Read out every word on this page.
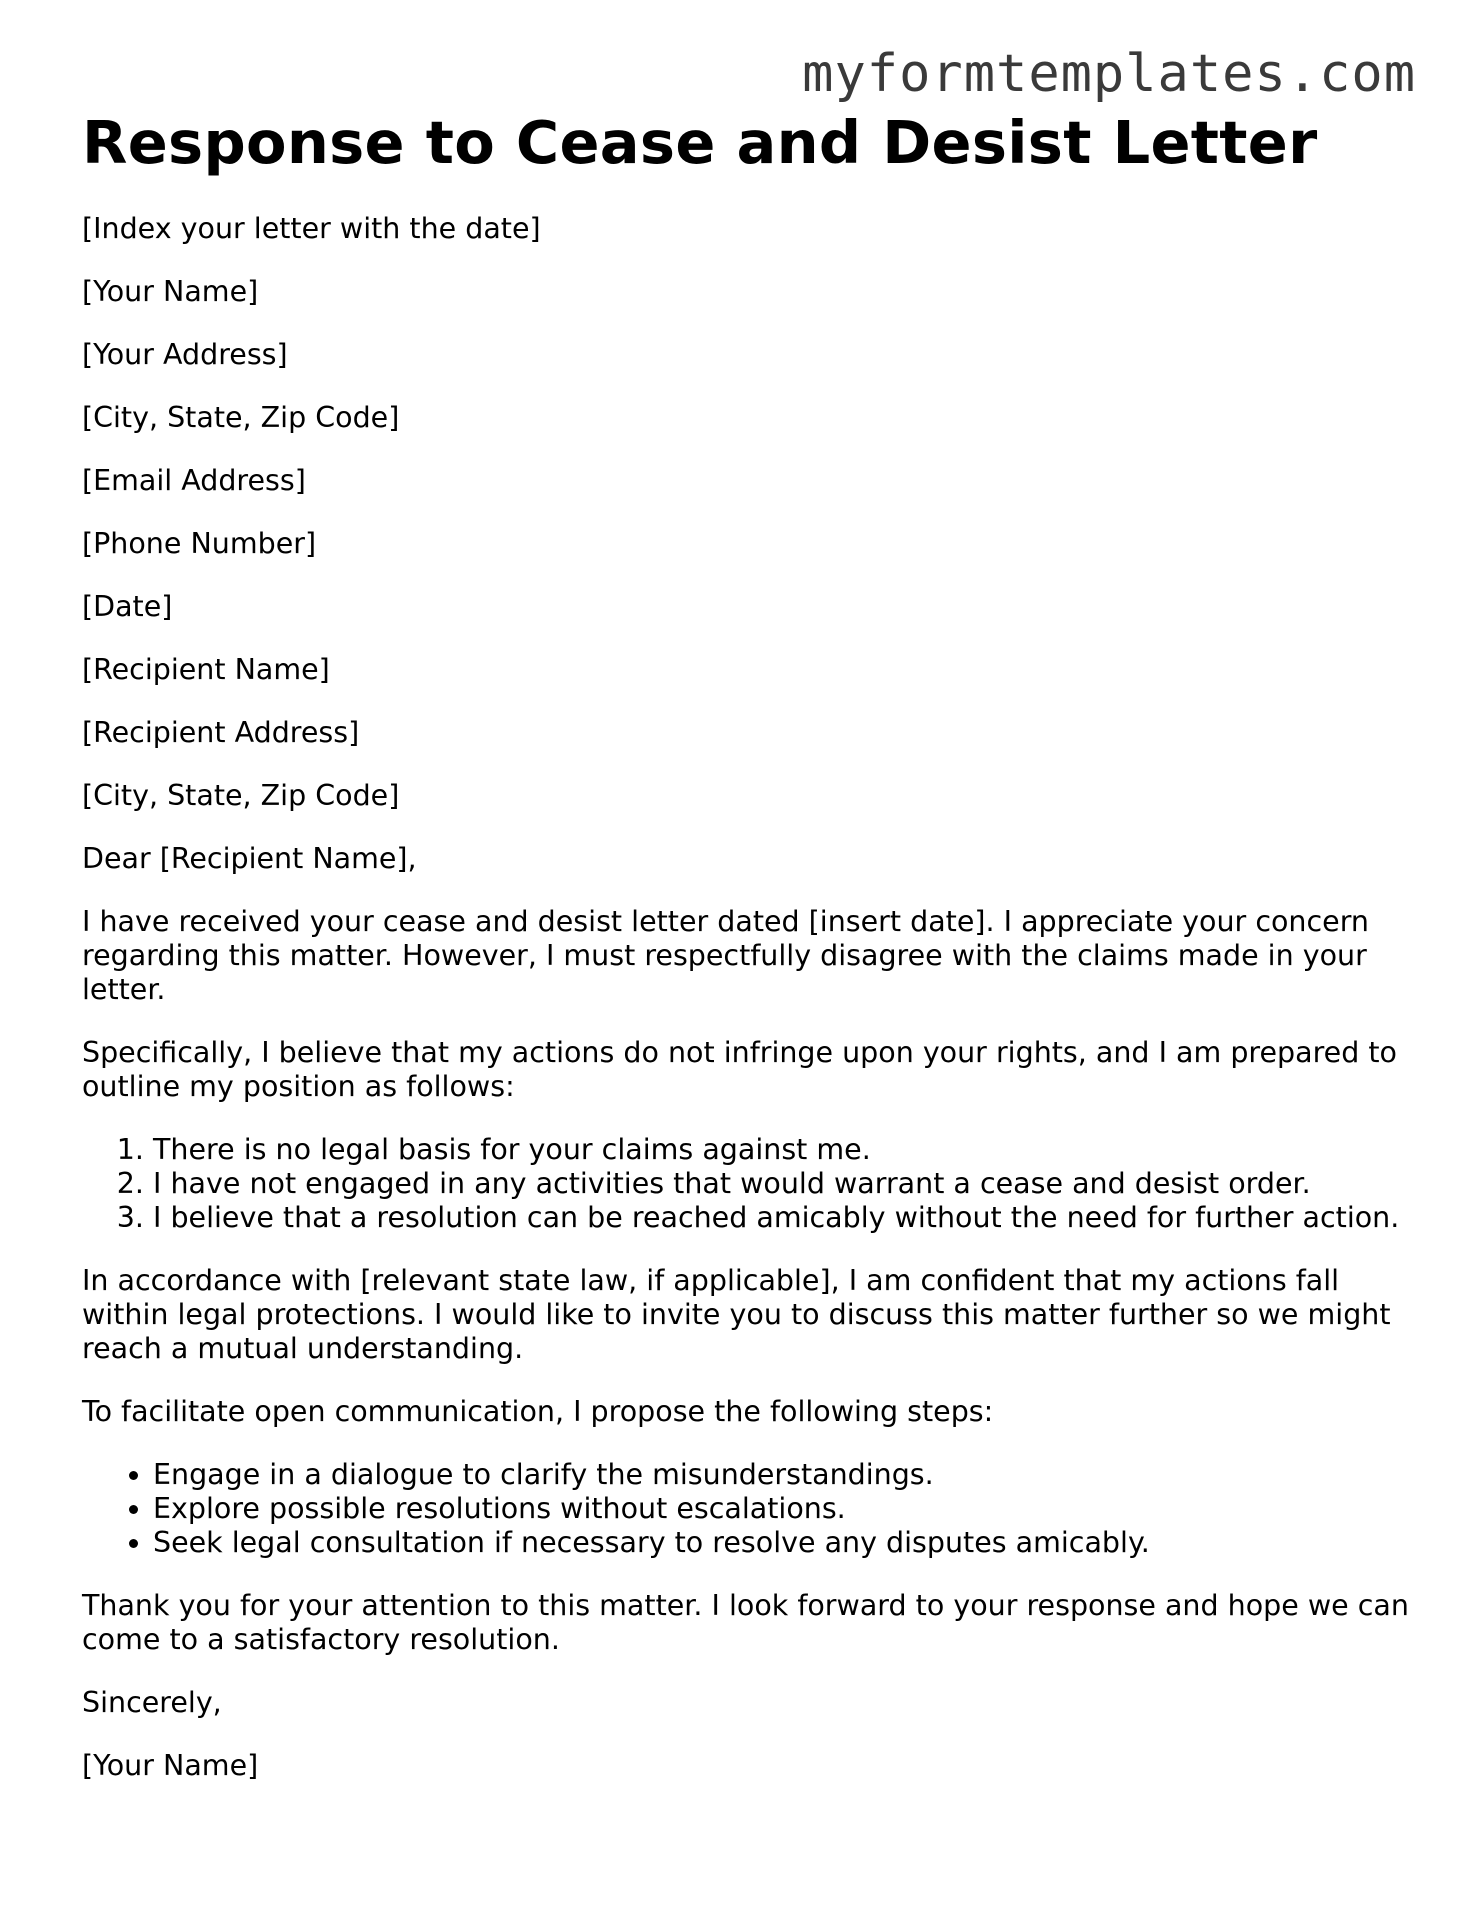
myformtemplates.com
Response to Cease and Desist Letter

[Index your letter with the date]

[Your Name]

[Your Address]

[City, State, Zip Code]

[Email Address]

[Phone Number]

[Date]

[Recipient Name]

[Recipient Address]

[City, State, Zip Code]

Dear [Recipient Name],

I have received your cease and desist letter dated [insert date]. I appreciate your concern regarding this matter. However, I must respectfully disagree with the claims made in your letter.

Specifically, I believe that my actions do not infringe upon your rights, and I am prepared to outline my position as follows:

1. There is no legal basis for your claims against me.
2. I have not engaged in any activities that would warrant a cease and desist order.
3. I believe that a resolution can be reached amicably without the need for further action.

In accordance with [relevant state law, if applicable], I am confident that my actions fall within legal protections. I would like to invite you to discuss this matter further so we might reach a mutual understanding.

To facilitate open communication, I propose the following steps:

• Engage in a dialogue to clarify the misunderstandings.
• Explore possible resolutions without escalations.
• Seek legal consultation if necessary to resolve any disputes amicably.

Thank you for your attention to this matter. I look forward to your response and hope we can come to a satisfactory resolution.

Sincerely,

[Your Name]
